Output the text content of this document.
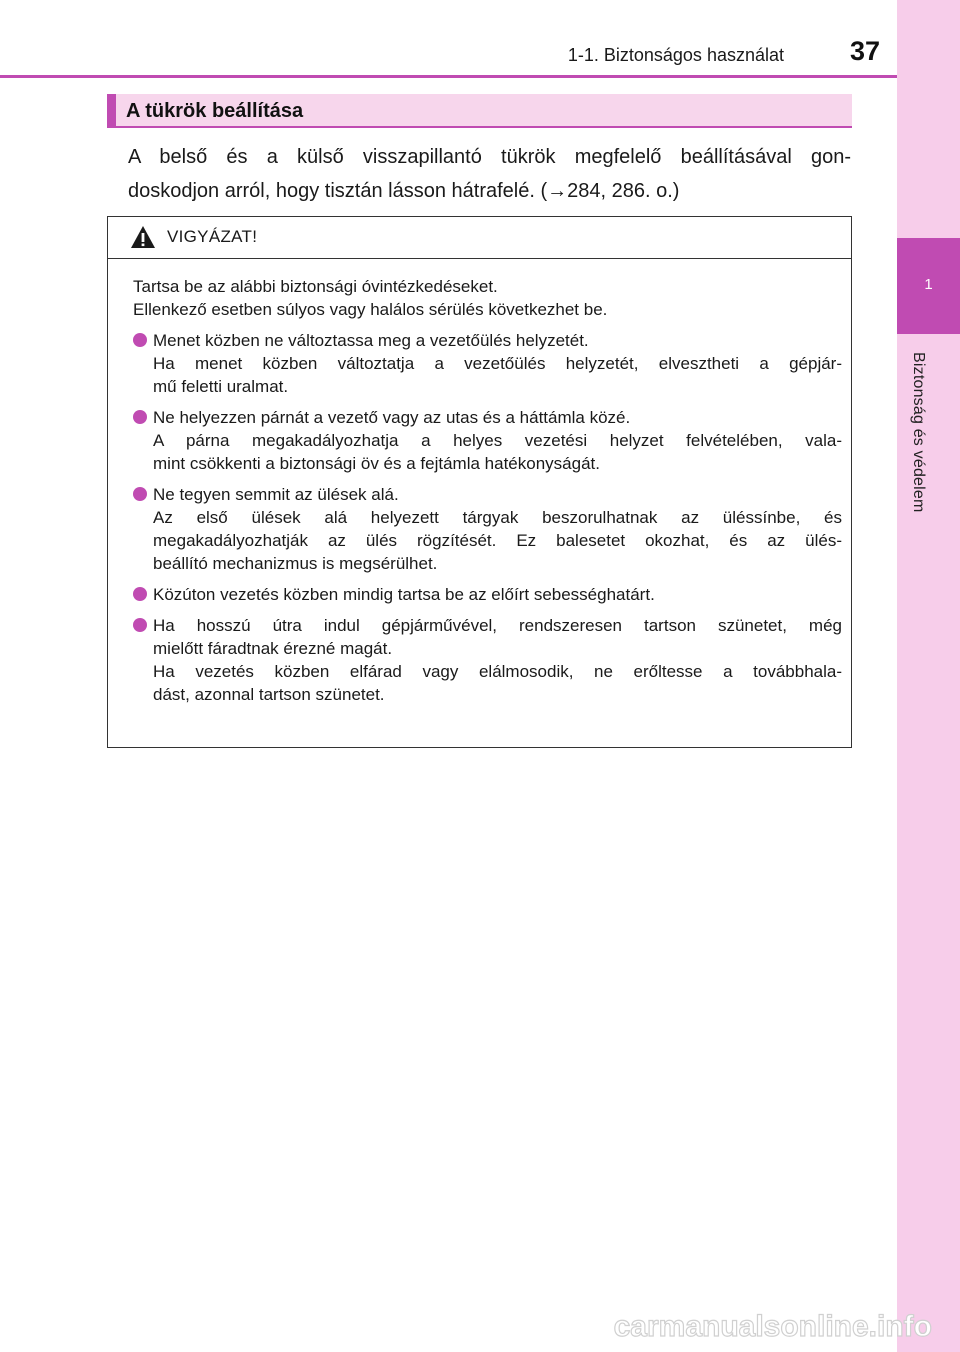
1
Biztonság és védelem
1-1. Biztonságos használat 37
A tükrök beállítása
A belső és a külső visszapillantó tükrök megfelelő beállításával gon-
doskodjon arról, hogy tisztán lásson hátrafelé. (→284, 286. o.)
VIGYÁZAT!
Tartsa be az alábbi biztonsági óvintézkedéseket.
Ellenkező esetben súlyos vagy halálos sérülés következhet be.
Menet közben ne változtassa meg a vezetőülés helyzetét.
Ha menet közben változtatja a vezetőülés helyzetét, elvesztheti a gépjár-
mű feletti uralmat.
Ne helyezzen párnát a vezető vagy az utas és a háttámla közé.
A párna megakadályozhatja a helyes vezetési helyzet felvételében, vala-
mint csökkenti a biztonsági öv és a fejtámla hatékonyságát.
Ne tegyen semmit az ülések alá.
Az első ülések alá helyezett tárgyak beszorulhatnak az üléssínbe, és
megakadályozhatják az ülés rögzítését. Ez balesetet okozhat, és az ülés-
beállító mechanizmus is megsérülhet.
Közúton vezetés közben mindig tartsa be az előírt sebességhatárt.
Ha hosszú útra indul gépjárművével, rendszeresen tartson szünetet, még
mielőtt fáradtnak érezné magát.
Ha vezetés közben elfárad vagy elálmosodik, ne erőltesse a továbbhala-
dást, azonnal tartson szünetet.
carmanualsonline.info
